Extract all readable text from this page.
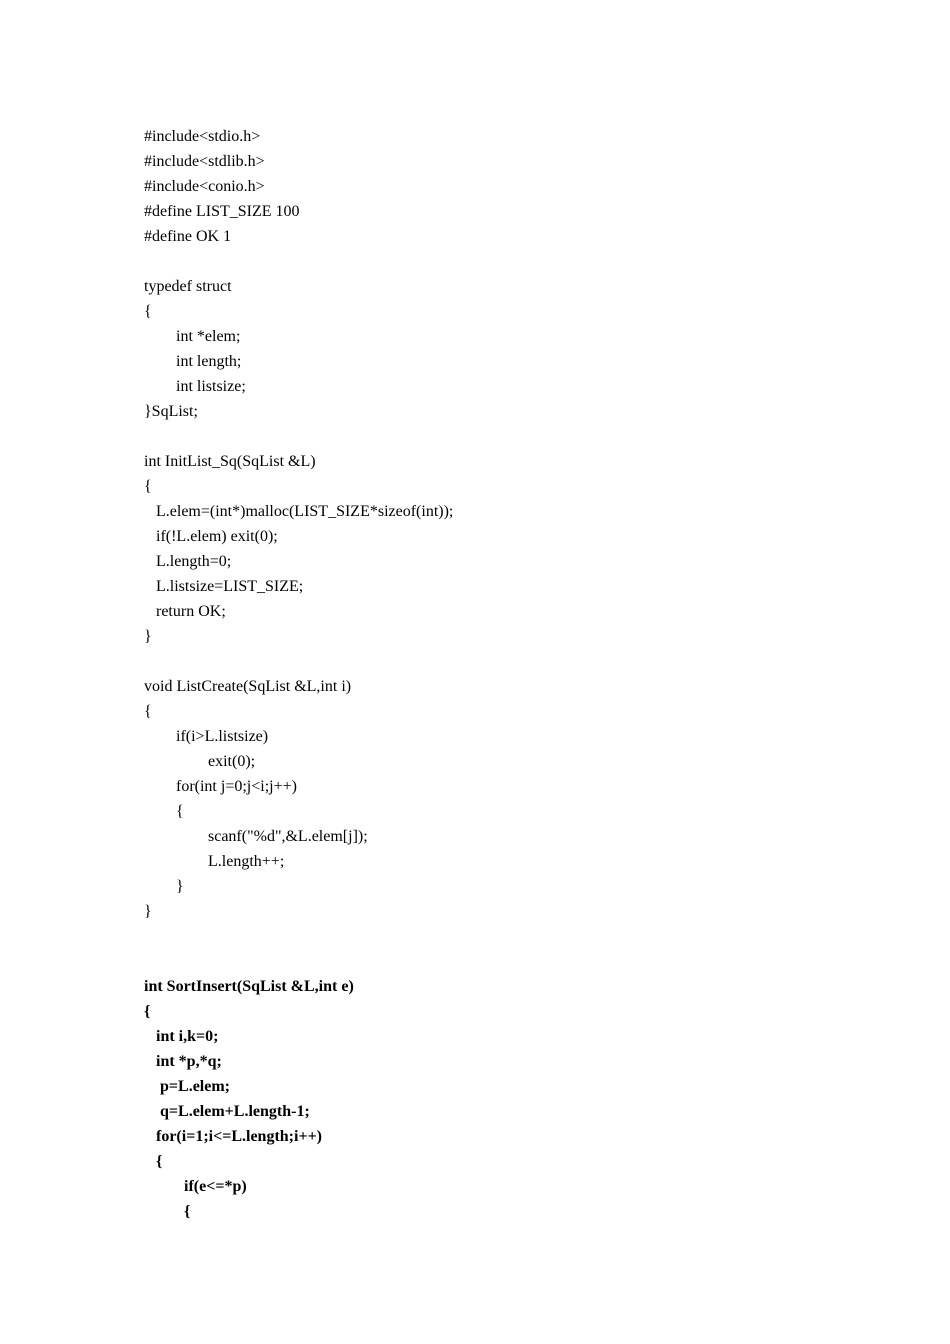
#include<stdio.h>
#include<stdlib.h>
#include<conio.h>
#define LIST_SIZE 100
#define OK 1
typedef struct
{
int *elem;
int length;
int listsize;
}SqList;
int InitList_Sq(SqList &L)
{
L.elem=(int*)malloc(LIST_SIZE*sizeof(int));
if(!L.elem) exit(0);
L.length=0;
L.listsize=LIST_SIZE;
return OK;
}
void ListCreate(SqList &L,int i)
{
if(i>L.listsize)
exit(0);
for(int j=0;j<i;j++)
{
scanf("%d",&L.elem[j]);
L.length++;
}
}
int SortInsert(SqList &L,int e)
{
int i,k=0;
int *p,*q;
p=L.elem;
q=L.elem+L.length-1;
for(i=1;i<=L.length;i++)
{
if(e<=*p)
{
